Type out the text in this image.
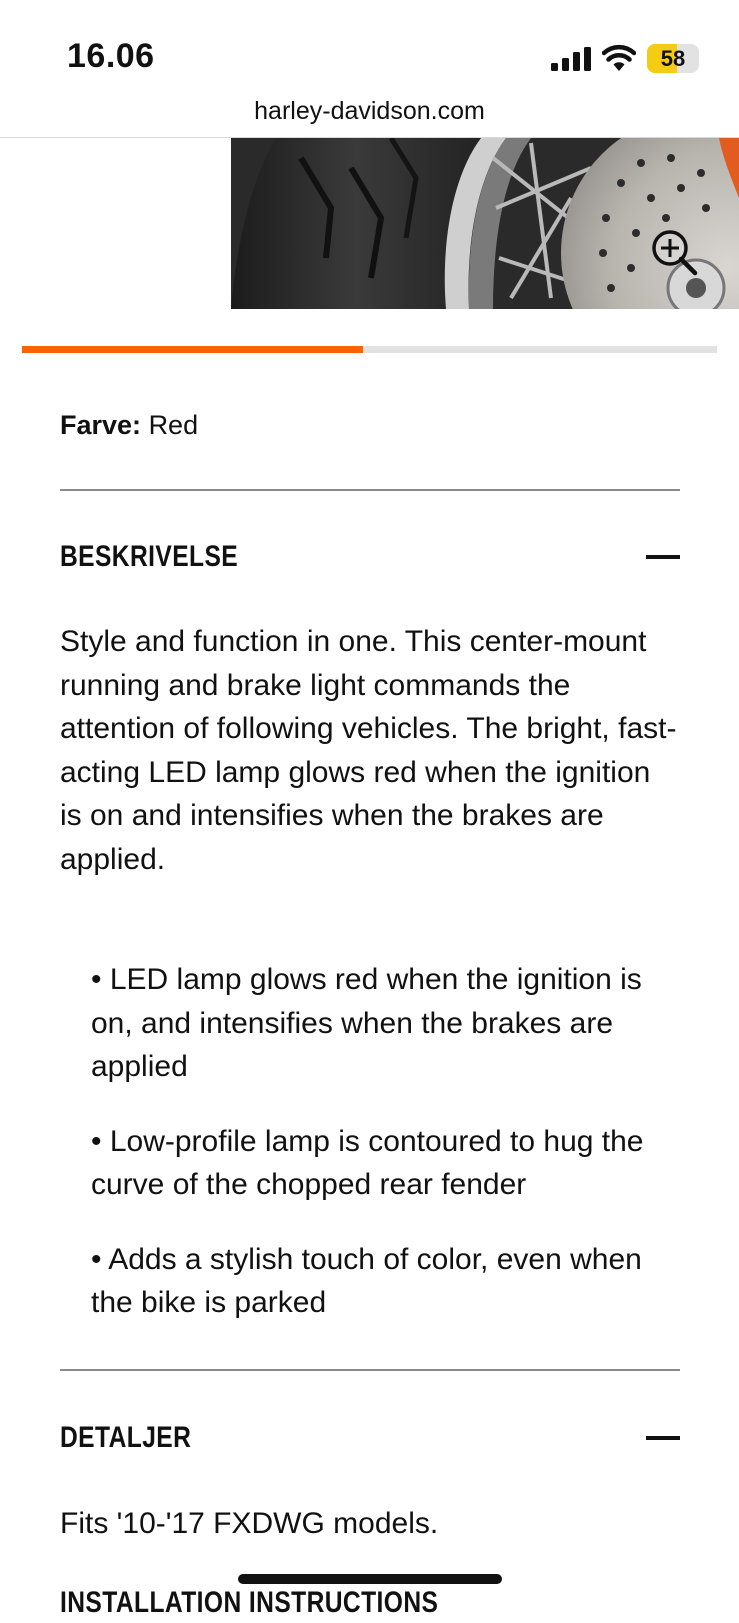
16.06	58
harley-davidson.com
Farve: Red
BESKRIVELSE

Style and function in one. This center-mount running and brake light commands the attention of following vehicles. The bright, fast-acting LED lamp glows red when the ignition is on and intensifies when the brakes are applied.

• LED lamp glows red when the ignition is on, and intensifies when the brakes are applied
• Low-profile lamp is contoured to hug the curve of the chopped rear fender
• Adds a stylish touch of color, even when the bike is parked
DETALJER
Fits '10-'17 FXDWG models.
INSTALLATION INSTRUCTIONS
